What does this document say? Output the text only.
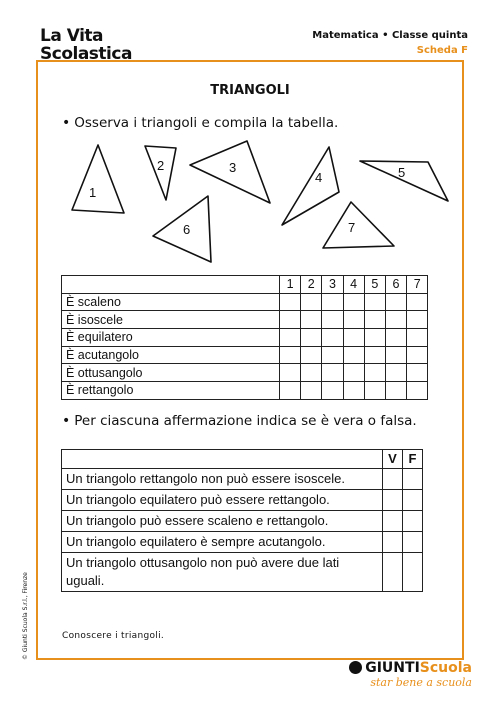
La Vita
Scolastica
Matematica • Classe quinta
Scheda F
TRIANGOLI
• Osserva i triangoli e compila la tabella.
1
2	3
4	5
6	7
	1	2	3	4	5	6	7
È scaleno							
È isoscele							
È equilatero							
È acutangolo							
È ottusangolo							
È rettangolo							
• Per ciascuna affermazione indica se è vera o falsa.
	V	F
Un triangolo rettangolo non può essere isoscele.		
Un triangolo equilatero può essere rettangolo.		
Un triangolo può essere scaleno e rettangolo.		
Un triangolo equilatero è sempre acutangolo.		
Un triangolo ottusangolo non può avere due lati uguali.		
Conoscere i triangoli.
© Giunti Scuola S.r.l., Firenze
GIUNTIScuola
star bene a scuola
